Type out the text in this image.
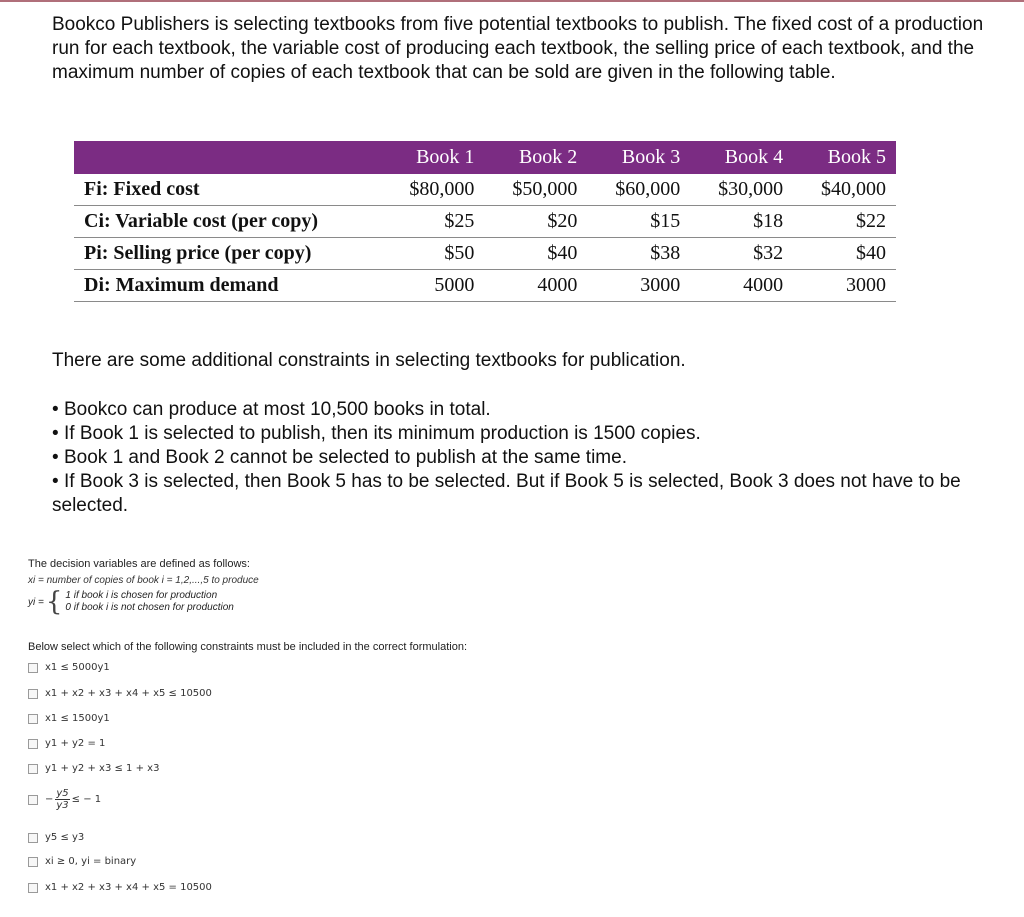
Bookco Publishers is selecting textbooks from five potential textbooks to publish. The fixed cost of a production run for each textbook, the variable cost of producing each textbook, the selling price of each textbook, and the maximum number of copies of each textbook that can be sold are given in the following table.

	Book 1	Book 2	Book 3	Book 4	Book 5
Fi: Fixed cost	$80,000	$50,000	$60,000	$30,000	$40,000
Ci: Variable cost (per copy)	$25	$20	$15	$18	$22
Pi: Selling price (per copy)	$50	$40	$38	$32	$40
Di: Maximum demand	5000	4000	3000	4000	3000

There are some additional constraints in selecting textbooks for publication.

• Bookco can produce at most 10,500 books in total.
• If Book 1 is selected to publish, then its minimum production is 1500 copies.
• Book 1 and Book 2 cannot be selected to publish at the same time.
• If Book 3 is selected, then Book 5 has to be selected. But if Book 5 is selected, Book 3 does not have to be selected.

The decision variables are defined as follows:

xi = number of copies of book i = 1,2,...,5 to produce

yi = { 1 if book i is chosen for production
0 if book i is not chosen for production

Below select which of the following constraints must be included in the correct formulation:

x1 ≤ 5000y1
x1 + x2 + x3 + x4 + x5 ≤ 10500
x1 ≤ 1500y1
y1 + y2 = 1
y1 + y2 + x3 ≤ 1 + x3
− $\frac{y5}{y3}$ ≤ − 1
y5 ≤ y3
xi ≥ 0, yi = binary
x1 + x2 + x3 + x4 + x5 = 10500
